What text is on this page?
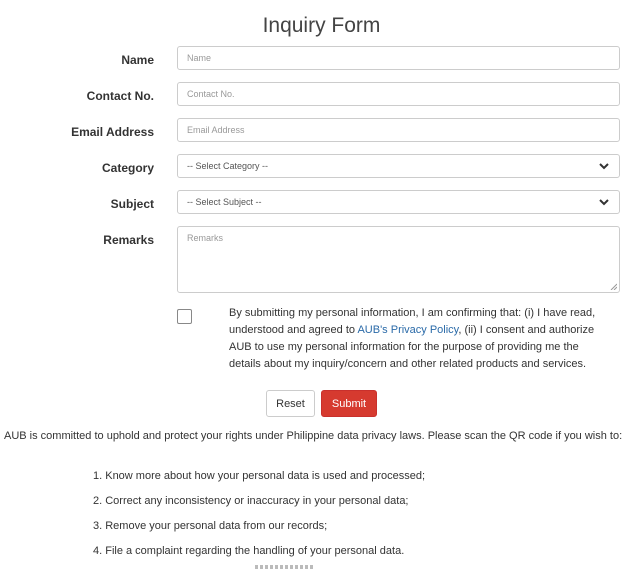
Inquiry Form
Name	Name
Contact No.	Contact No.
Email Address	Email Address
Category	-- Select Category --
Subject	-- Select Subject --
Remarks	Remarks
By submitting my personal information, I am confirming that: (i) I have read, understood and agreed to AUB's Privacy Policy, (ii) I consent and authorize AUB to use my personal information for the purpose of providing me the details about my inquiry/concern and other related products and services.
Reset	Submit
AUB is committed to uphold and protect your rights under Philippine data privacy laws. Please scan the QR code if you wish to:
1. Know more about how your personal data is used and processed;
2. Correct any inconsistency or inaccuracy in your personal data;
3. Remove your personal data from our records;
4. File a complaint regarding the handling of your personal data.
